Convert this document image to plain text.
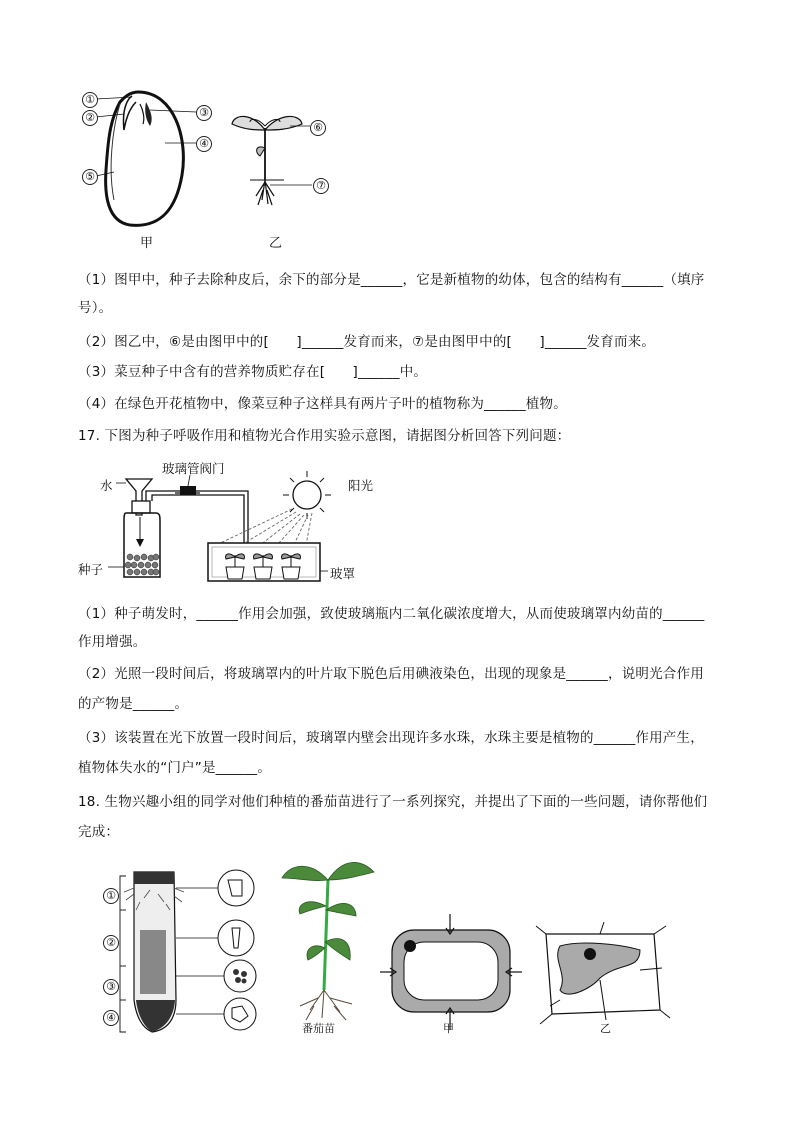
①
②	③
④
⑤
⑥
⑦
甲	乙
（1）图甲中，种子去除种皮后，余下的部分是______，它是新植物的幼体，包含的结构有______（填序
号）。
（2）图乙中，⑥是由图甲中的[　　]______发育而来，⑦是由图甲中的[　　]______发育而来。
（3）菜豆种子中含有的营养物质贮存在[　　]______中。
（4）在绿色开花植物中，像菜豆种子这样具有两片子叶的植物称为______植物。
17. 下图为种子呼吸作用和植物光合作用实验示意图，请据图分析回答下列问题：
水
玻璃管阀门
阳光
种子	玻罩
（1）种子萌发时，______作用会加强，致使玻璃瓶内二氧化碳浓度增大，从而使玻璃罩内幼苗的______
作用增强。
（2）光照一段时间后，将玻璃罩内的叶片取下脱色后用碘液染色，出现的现象是______，说明光合作用
的产物是______。
（3）该装置在光下放置一段时间后，玻璃罩内壁会出现许多水珠，水珠主要是植物的______作用产生，
植物体失水的“门户”是______。
18. 生物兴趣小组的同学对他们种植的番茄苗进行了一系列探究，并提出了下面的一些问题，请你帮他们
完成：
①
②
③
④
番茄苗	甲	乙
